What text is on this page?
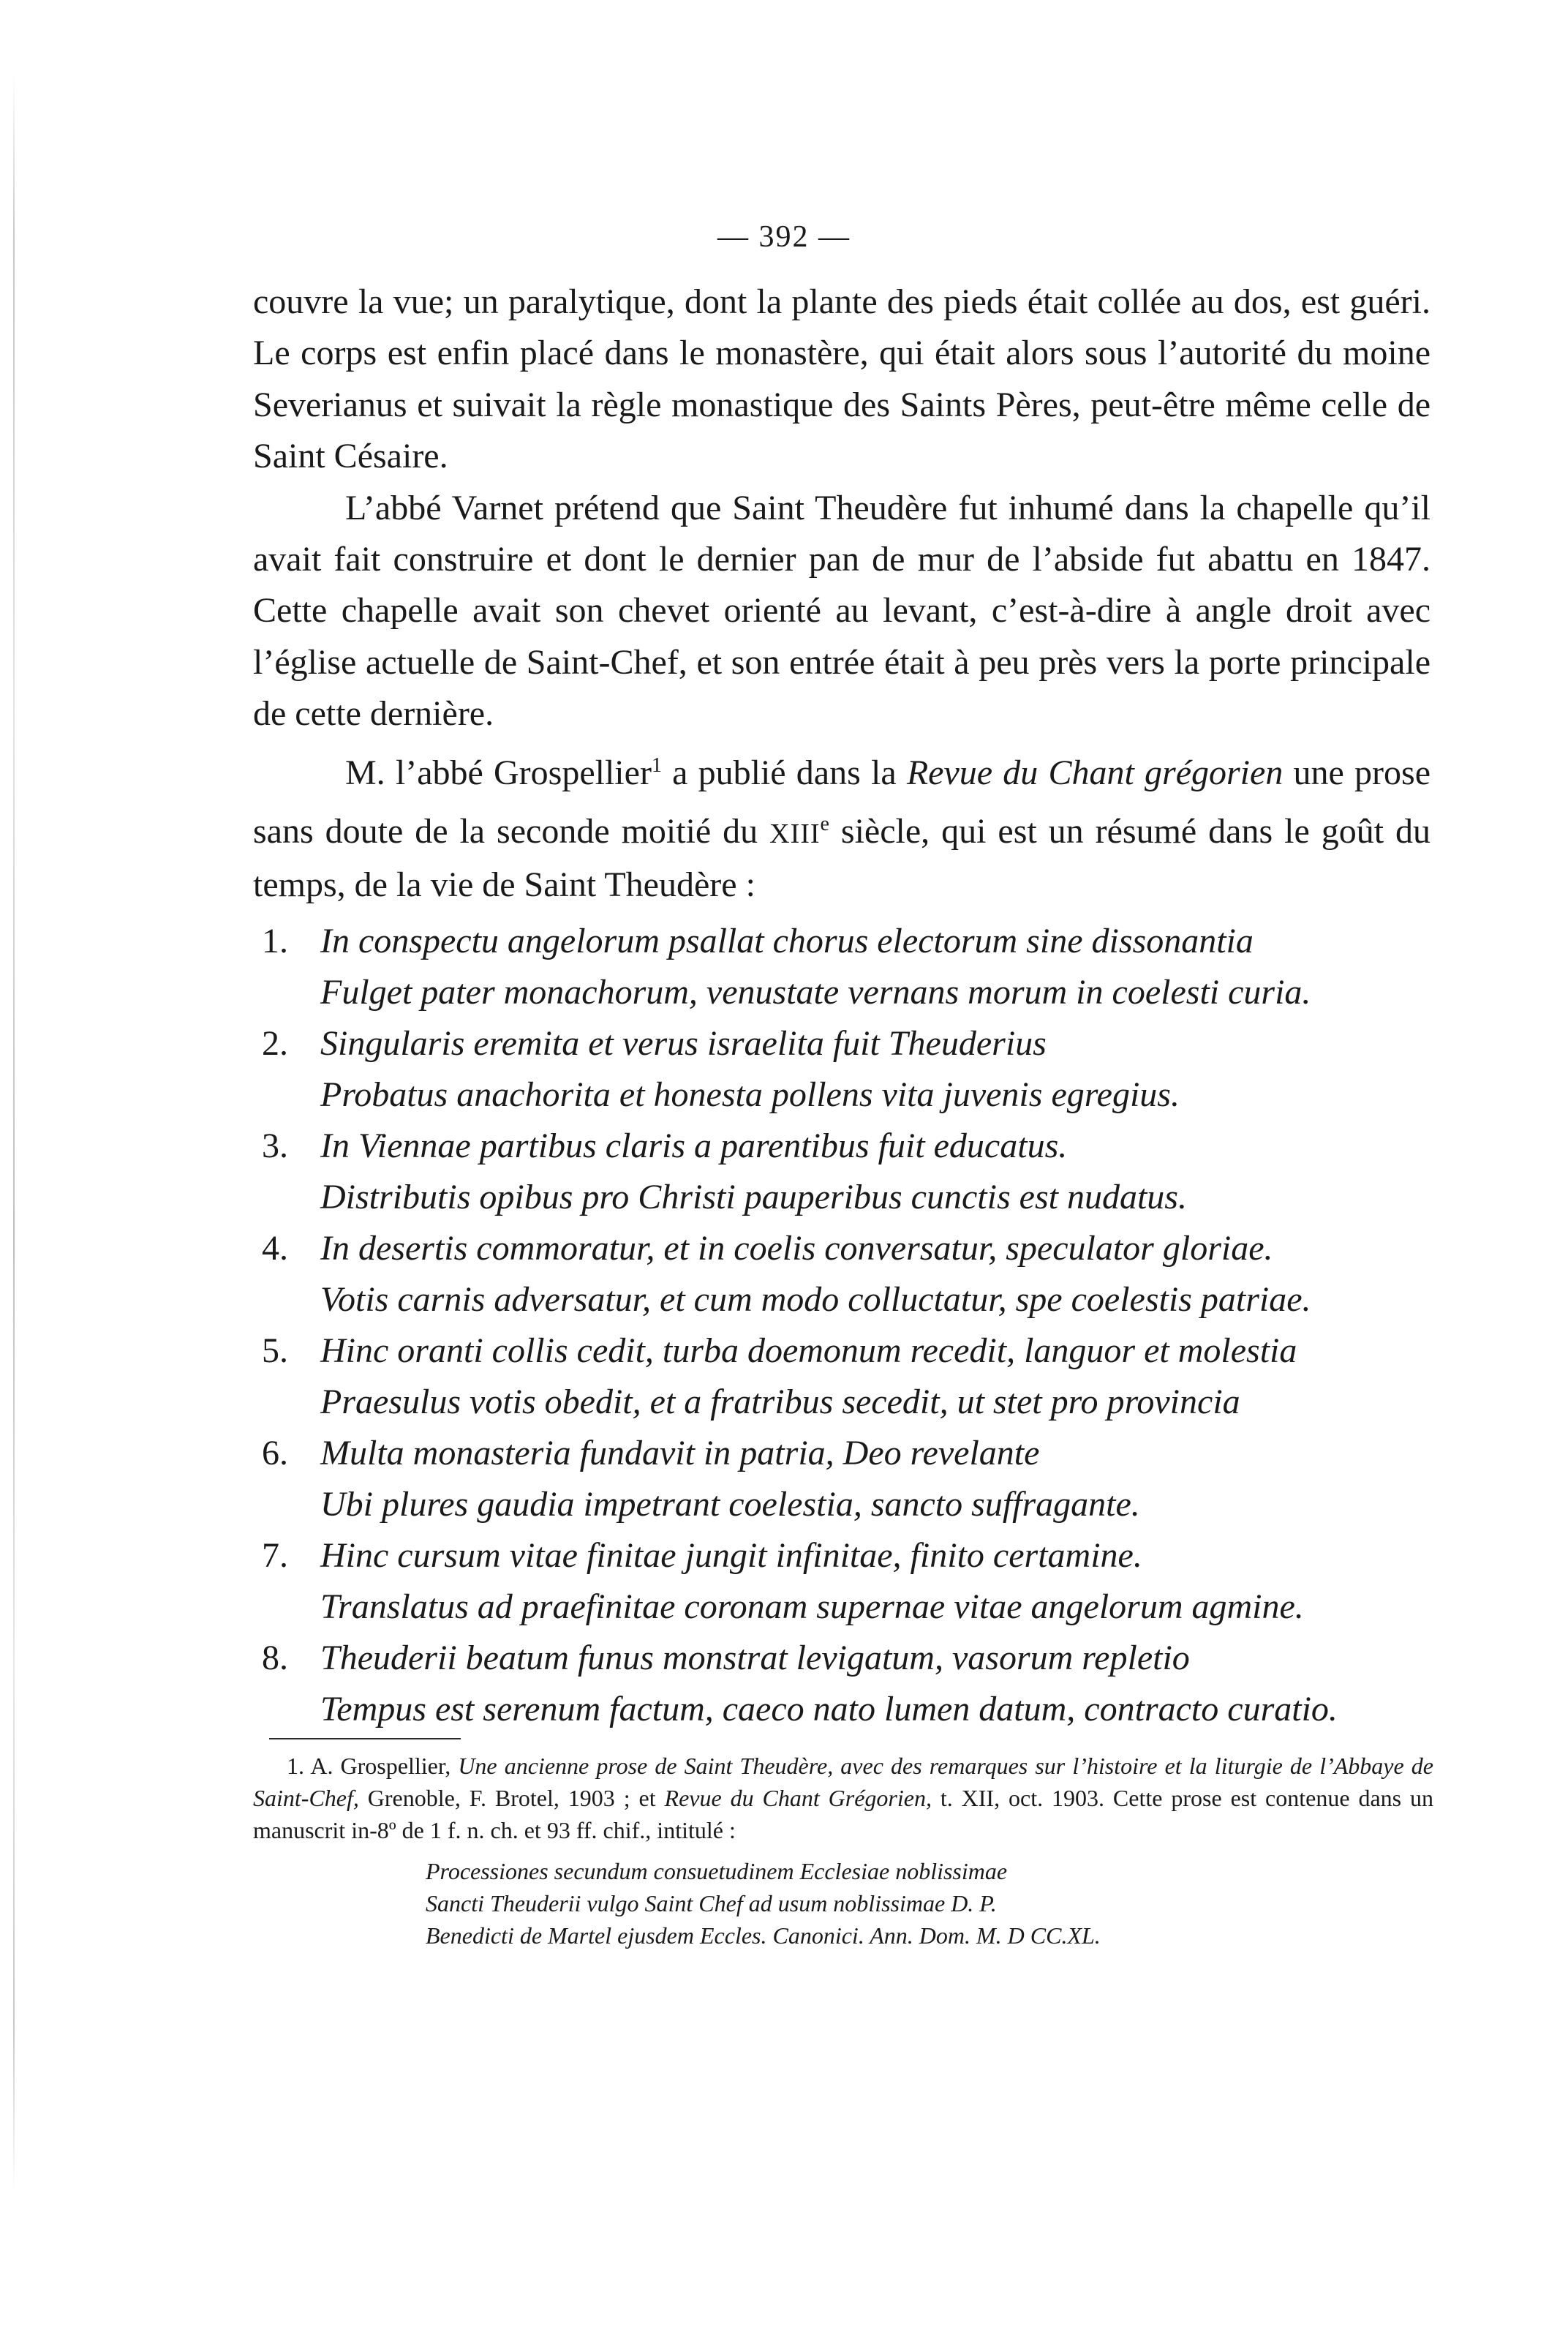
— 392 —

couvre la vue; un paralytique, dont la plante des pieds était collée au dos, est guéri. Le corps est enfin placé dans le monastère, qui était alors sous l’autorité du moine Severianus et suivait la règle monastique des Saints Pères, peut-être même celle de Saint Césaire.

L’abbé Varnet prétend que Saint Theudère fut inhumé dans la chapelle qu’il avait fait construire et dont le dernier pan de mur de l’abside fut abattu en 1847. Cette chapelle avait son chevet orienté au levant, c’est-à-dire à angle droit avec l’église actuelle de Saint-Chef, et son entrée était à peu près vers la porte principale de cette dernière.

M. l’abbé Grospellier$^1$ a publié dans la Revue du Chant grégorien une prose sans doute de la seconde moitié du XIIIe siècle, qui est un résumé dans le goût du temps, de la vie de Saint Theudère :

1. In conspectu angelorum psallat chorus electorum sine dissonantia
Fulget pater monachorum, venustate vernans morum in coelesti curia.
2. Singularis eremita et verus israelita fuit Theuderius
Probatus anachorita et honesta pollens vita juvenis egregius.
3. In Viennae partibus claris a parentibus fuit educatus.
Distributis opibus pro Christi pauperibus cunctis est nudatus.
4. In desertis commoratur, et in coelis conversatur, speculator gloriae.
Votis carnis adversatur, et cum modo colluctatur, spe coelestis patriae.
5. Hinc oranti collis cedit, turba doemonum recedit, languor et molestia
Praesulus votis obedit, et a fratribus secedit, ut stet pro provincia
6. Multa monasteria fundavit in patria, Deo revelante
Ubi plures gaudia impetrant coelestia, sancto suffragante.
7. Hinc cursum vitae finitae jungit infinitae, finito certamine.
Translatus ad praefinitae coronam supernae vitae angelorum agmine.
8. Theuderii beatum funus monstrat levigatum, vasorum repletio
Tempus est serenum factum, caeco nato lumen datum, contracto curatio.

1. A. Grospellier, Une ancienne prose de Saint Theudère, avec des remarques sur l’histoire et la liturgie de l’Abbaye de Saint-Chef, Grenoble, F. Brotel, 1903 ; et Revue du Chant Grégorien, t. XII, oct. 1903. Cette prose est contenue dans un manuscrit in-8º de 1 f. n. ch. et 93 ff. chif., intitulé :

Processiones secundum consuetudinem Ecclesiae noblissimae
Sancti Theuderii vulgo Saint Chef ad usum noblissimae D. P.
Benedicti de Martel ejusdem Eccles. Canonici. Ann. Dom. M. D CC.XL.
